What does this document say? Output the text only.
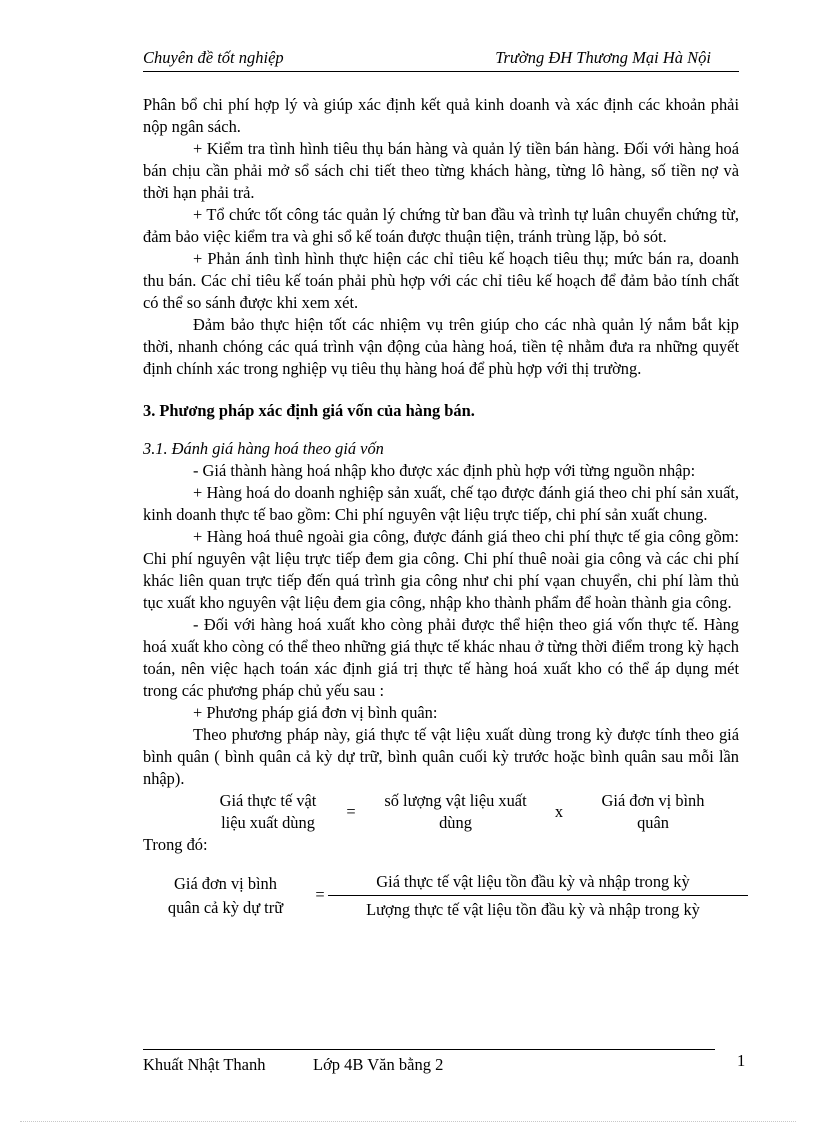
Chuyên đề tốt nghiệp	Trường ĐH Thương Mại Hà Nội

Phân bổ chi phí hợp lý và giúp xác định kết quả kinh doanh và xác định các khoản phải nộp ngân sách.

+ Kiểm tra tình hình tiêu thụ bán hàng và quản lý tiền bán hàng. Đối với hàng hoá bán chịu cần phải mở sổ sách chi tiết theo từng khách hàng, từng lô hàng, số tiền nợ và thời hạn phải trả.

+ Tổ chức tốt công tác quản lý chứng từ ban đầu và trình tự luân chuyển chứng từ, đảm bảo việc kiểm tra và ghi sổ kế toán được thuận tiện, tránh trùng lặp, bỏ sót.

+ Phản ánh tình hình thực hiện các chỉ tiêu kế hoạch tiêu thụ; mức bán ra, doanh thu bán. Các chỉ tiêu kế toán phải phù hợp với các chỉ tiêu kế hoạch để đảm bảo tính chất có thể so sánh được khi xem xét.

Đảm bảo thực hiện tốt các nhiệm vụ trên giúp cho các nhà quản lý nắm bắt kịp thời, nhanh chóng các quá trình vận động của hàng hoá, tiền tệ nhằm đưa ra những quyết định chính xác trong nghiệp vụ tiêu thụ hàng hoá để phù hợp với thị trường.

3. Phương pháp xác định giá vốn của hàng bán.

3.1. Đánh giá hàng hoá theo giá vốn

- Giá thành hàng hoá nhập kho được xác định phù hợp với từng nguồn nhập:

+ Hàng hoá do doanh nghiệp sản xuất, chế tạo được đánh giá theo chi phí sản xuất, kinh doanh thực tế bao gồm: Chi phí nguyên vật liệu trực tiếp, chi phí sản xuất chung.

+ Hàng hoá thuê ngoài gia công, được đánh giá theo chi phí thực tế gia công gồm: Chi phí nguyên vật liệu trực tiếp đem gia công. Chi phí thuê noài gia công và các chi phí khác liên quan trực tiếp đến quá trình gia công như chi phí vạan chuyển, chi phí làm thủ tục xuất kho nguyên vật liệu đem gia công, nhập kho thành phẩm để hoàn thành gia công.

- Đối với hàng hoá xuất kho còng phải được thể hiện theo giá vốn thực tế. Hàng hoá xuất kho còng có thể theo những giá thực tế khác nhau ở từng thời điểm trong kỳ hạch toán, nên việc hạch toán xác định giá trị thực tế hàng hoá xuất kho có thể áp dụng mét trong các phương pháp chủ yếu sau :

+ Phương pháp giá đơn vị bình quân:

Theo phương pháp này, giá thực tế vật liệu xuất dùng trong kỳ được tính theo giá bình quân ( bình quân cả kỳ dự trữ, bình quân cuối kỳ trước hoặc bình quân sau mỗi lần nhập).

Giá thực tế vật
liệu xuất dùng
=
số lượng vật liệu xuất
dùng
x
Giá đơn vị bình
quân

Trong đó:

Giá đơn vị bình
quân cả kỳ dự trữ
=
Giá thực tế vật liệu tồn đầu kỳ và nhập trong kỳ
Lượng thực tế vật liệu tồn đầu kỳ và nhập trong kỳ
Khuất Nhật Thanh	Lớp 4B Văn bằng 2	1
